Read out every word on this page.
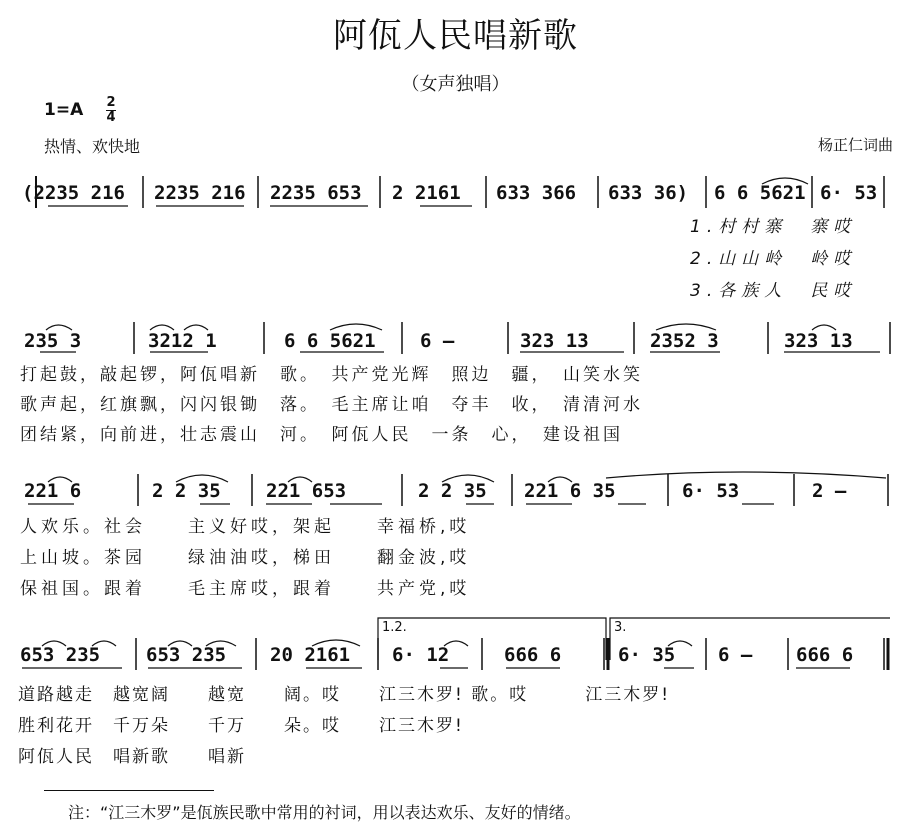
阿佤人民唱新歌
（女声独唱）
1=A 2
4
热情、欢快地	杨正仁词曲
(2235 216 2235 216 2235 653 2 2161 633 366 633 36) 6 6 5621 6· 53
1.村村寨　寨哎
2.山山岭　岭哎
3.各族人　民哎
235 3	3212 1	6 6 5621 6 –	323 13	2352 3	323 13
打起鼓，敲起锣，阿佤唱新　歌。　共产党光辉　照边　疆，　山笑水笑
歌声起，红旗飘，闪闪银锄　落。　毛主席让咱　夺丰　收，　清清河水
团结紧，向前进，壮志震山　河。　阿佤人民　一条　心，　建设祖国
221 6	2 2 35 221 653	2 2 35 221 6 35	6· 53	2 –
人欢乐。社会　　主义好哎，架起　　幸福桥,哎
上山坡。茶园　　绿油油哎，梯田　　翻金波,哎
保祖国。跟着　　毛主席哎，跟着　　共产党,哎
1.2.	3.
653 235 653 235 20 2161 6· 12	666 6	6· 35 6 – 666 6
道路越走　越宽阔　　越宽　　阔。哎　　江三木罗! 歌。哎　　　江三木罗!
胜利花开　千万朵　　千万　　朵。哎　　江三木罗!
阿佤人民　唱新歌　　唱新
注：“江三木罗”是佤族民歌中常用的衬词，用以表达欢乐、友好的情绪。
